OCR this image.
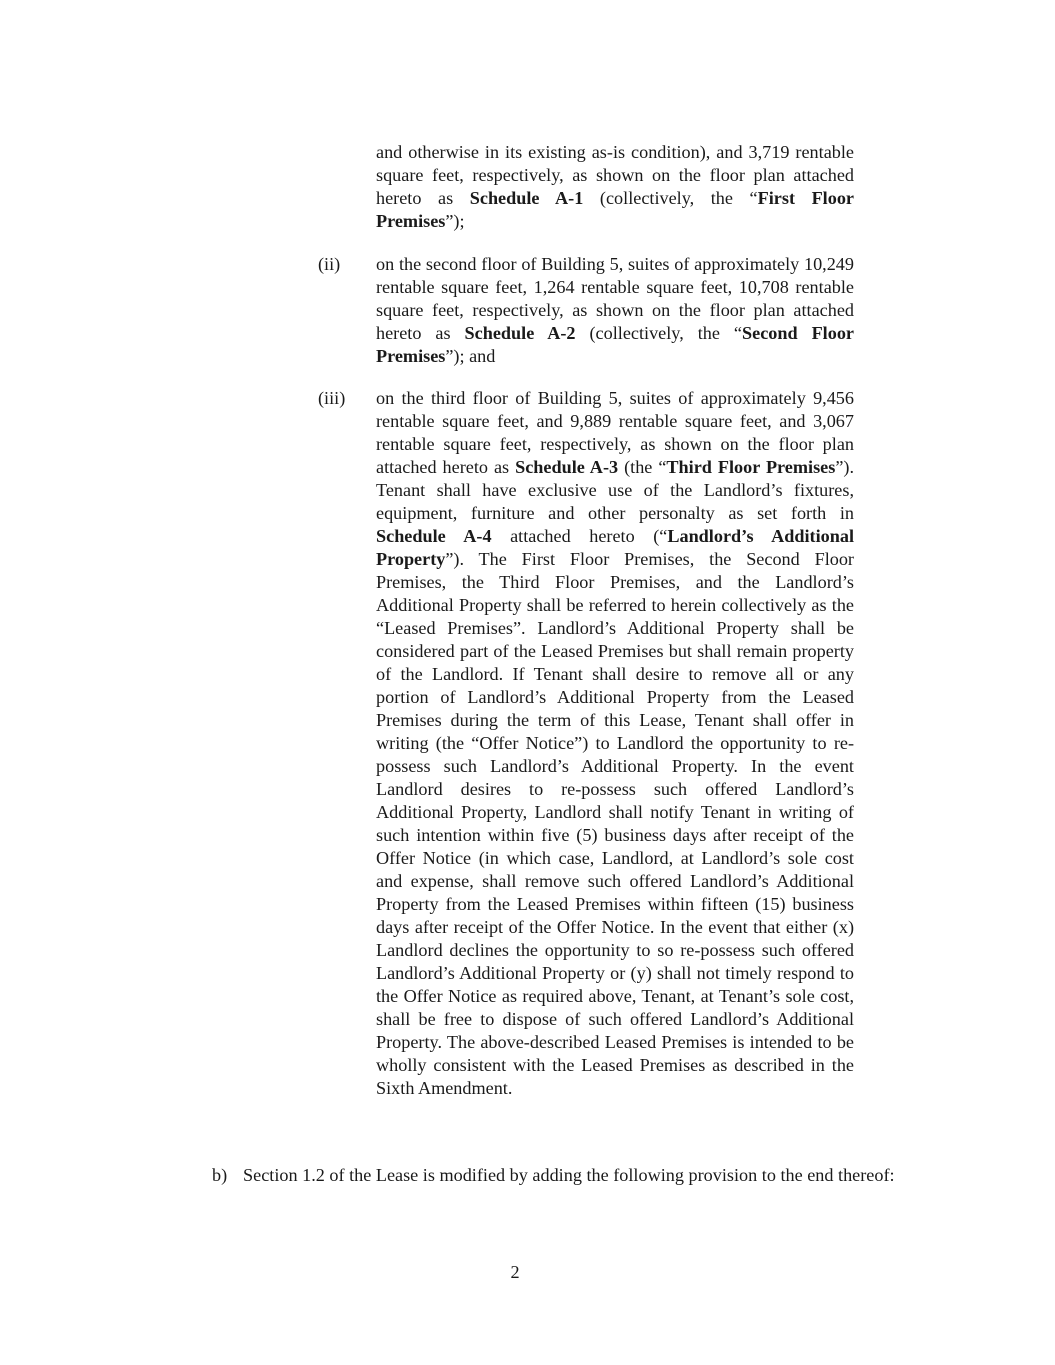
and otherwise in its existing as-is condition), and 3,719 rentable square feet, respectively, as shown on the floor plan attached hereto as Schedule A-1 (collectively, the “First Floor Premises”);
(ii) on the second floor of Building 5, suites of approximately 10,249 rentable square feet, 1,264 rentable square feet, 10,708 rentable square feet, respectively, as shown on the floor plan attached hereto as Schedule A-2 (collectively, the “Second Floor Premises”); and
(iii) on the third floor of Building 5, suites of approximately 9,456 rentable square feet, and 9,889 rentable square feet, and 3,067 rentable square feet, respectively, as shown on the floor plan attached hereto as Schedule A-3 (the “Third Floor Premises”). Tenant shall have exclusive use of the Landlord’s fixtures, equipment, furniture and other personalty as set forth in Schedule A-4 attached hereto (“Landlord’s Additional Property”). The First Floor Premises, the Second Floor Premises, the Third Floor Premises, and the Landlord’s Additional Property shall be referred to herein collectively as the “Leased Premises”. Landlord’s Additional Property shall be considered part of the Leased Premises but shall remain property of the Landlord. If Tenant shall desire to remove all or any portion of Landlord’s Additional Property from the Leased Premises during the term of this Lease, Tenant shall offer in writing (the “Offer Notice”) to Landlord the opportunity to re-possess such Landlord’s Additional Property. In the event Landlord desires to re-possess such offered Landlord’s Additional Property, Landlord shall notify Tenant in writing of such intention within five (5) business days after receipt of the Offer Notice (in which case, Landlord, at Landlord’s sole cost and expense, shall remove such offered Landlord’s Additional Property from the Leased Premises within fifteen (15) business days after receipt of the Offer Notice. In the event that either (x) Landlord declines the opportunity to so re-possess such offered Landlord’s Additional Property or (y) shall not timely respond to the Offer Notice as required above, Tenant, at Tenant’s sole cost, shall be free to dispose of such offered Landlord’s Additional Property. The above-described Leased Premises is intended to be wholly consistent with the Leased Premises as described in the Sixth Amendment.
b) Section 1.2 of the Lease is modified by adding the following provision to the end thereof:
2
